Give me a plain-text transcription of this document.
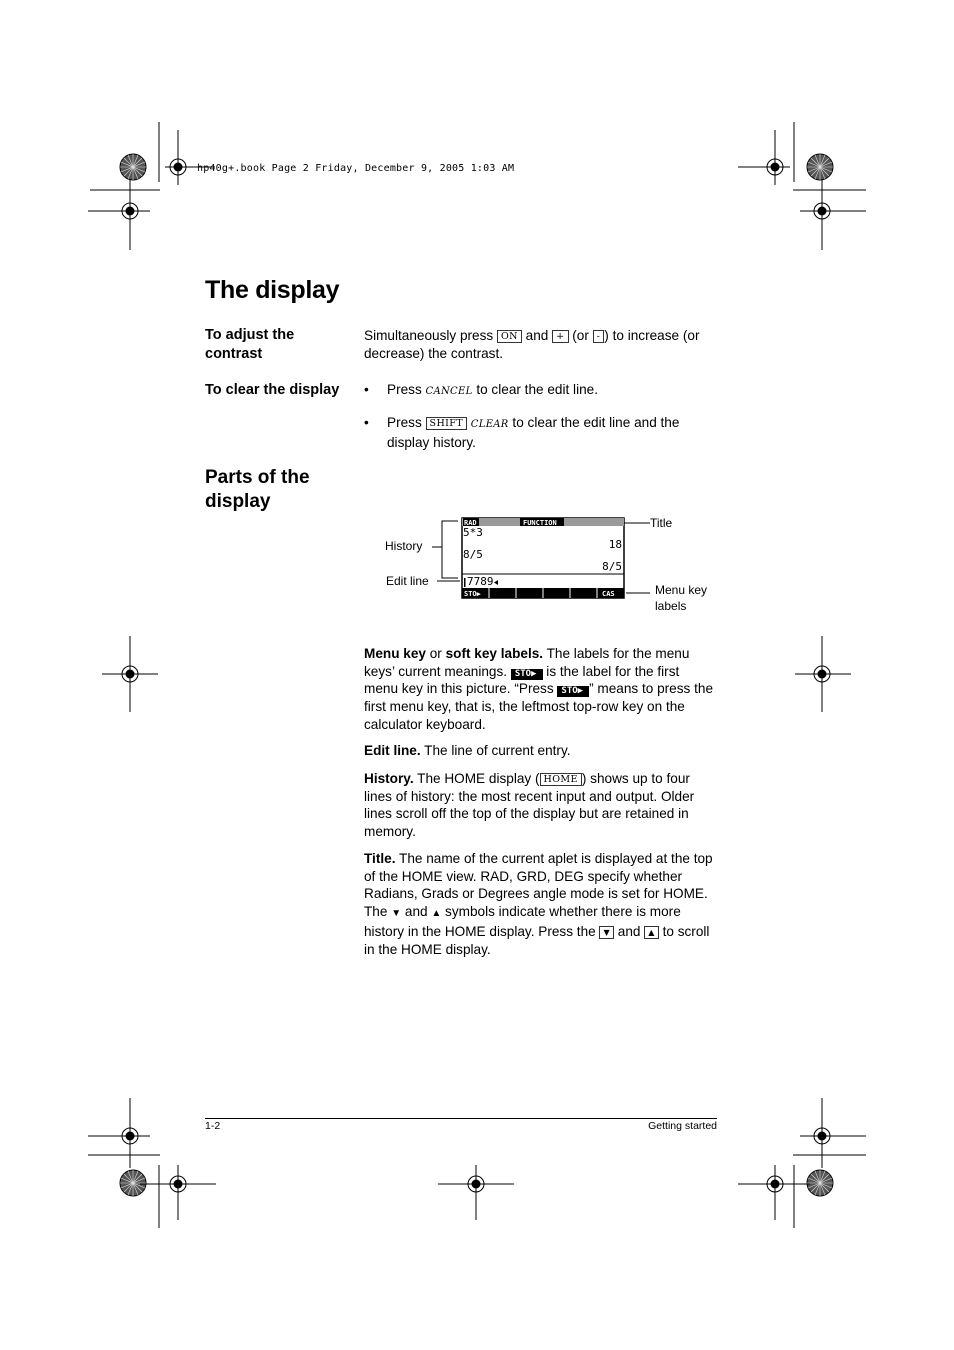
hp40g+.book Page 2 Friday, December 9, 2005 1:03 AM
The display
To adjust the
contrast
Simultaneously press ON and + (or - ) to increase (or decrease) the contrast.
To clear the display • Press CANCEL to clear the edit line.
• Press SHIFT CLEAR to clear the edit line and the display history.
Parts of the
display
RAD	FUNCTION
5*3
18
8/5
8/5
7789
STO▶	CAS
Title
History
Edit line
Menu key
labels
Menu key or soft key labels. The labels for the menu keys’ current meanings. STO▶ is the label for the first menu key in this picture. “Press STO▶ ” means to press the first menu key, that is, the leftmost top-row key on the calculator keyboard.
Edit line. The line of current entry.
History. The HOME display ( HOME ) shows up to four lines of history: the most recent input and output. Older lines scroll off the top of the display but are retained in memory.
Title. The name of the current aplet is displayed at the top of the HOME view. RAD, GRD, DEG specify whether Radians, Grads or Degrees angle mode is set for HOME. The ▼ and ▲ symbols indicate whether there is more history in the HOME display. Press the ▼ and ▲ to scroll in the HOME display.
1-2	Getting started
